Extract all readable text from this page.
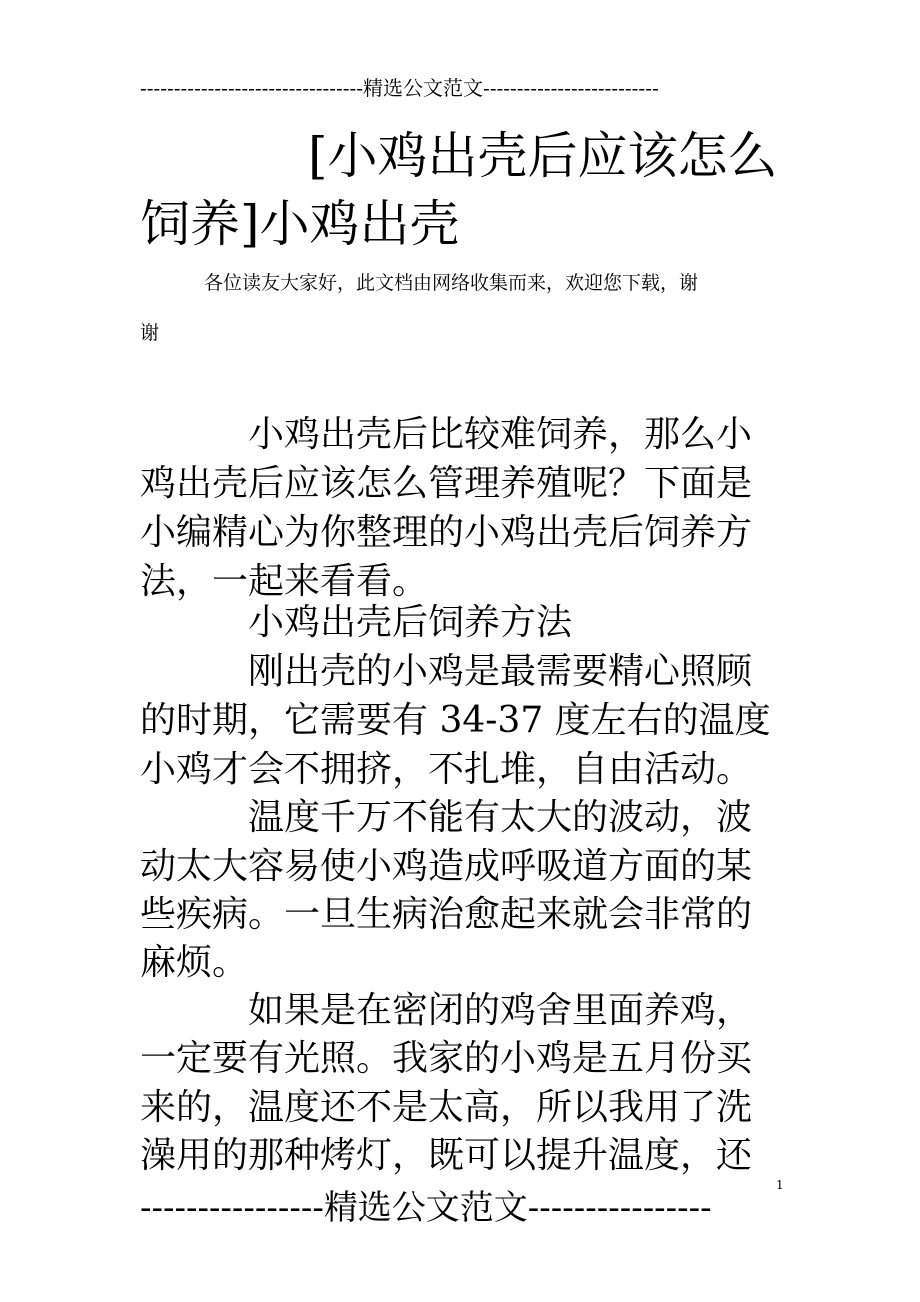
---------------------------------精选公文范文--------------------------
[小鸡出壳后应该怎么饲养]小鸡出壳
各位读友大家好，此文档由网络收集而来，欢迎您下载，谢
谢
　　　小鸡出壳后比较难饲养，那么小
鸡出壳后应该怎么管理养殖呢？下面是
小编精心为你整理的小鸡出壳后饲养方
法，一起来看看。
　　　小鸡出壳后饲养方法
　　　刚出壳的小鸡是最需要精心照顾
的时期，它需要有 34-37 度左右的温度
小鸡才会不拥挤，不扎堆，自由活动。
　　　温度千万不能有太大的波动，波
动太大容易使小鸡造成呼吸道方面的某
些疾病。一旦生病治愈起来就会非常的
麻烦。
　　　如果是在密闭的鸡舍里面养鸡，
一定要有光照。我家的小鸡是五月份买
来的，温度还不是太高，所以我用了洗
澡用的那种烤灯，既可以提升温度，还
1
----------------精选公文范文----------------
